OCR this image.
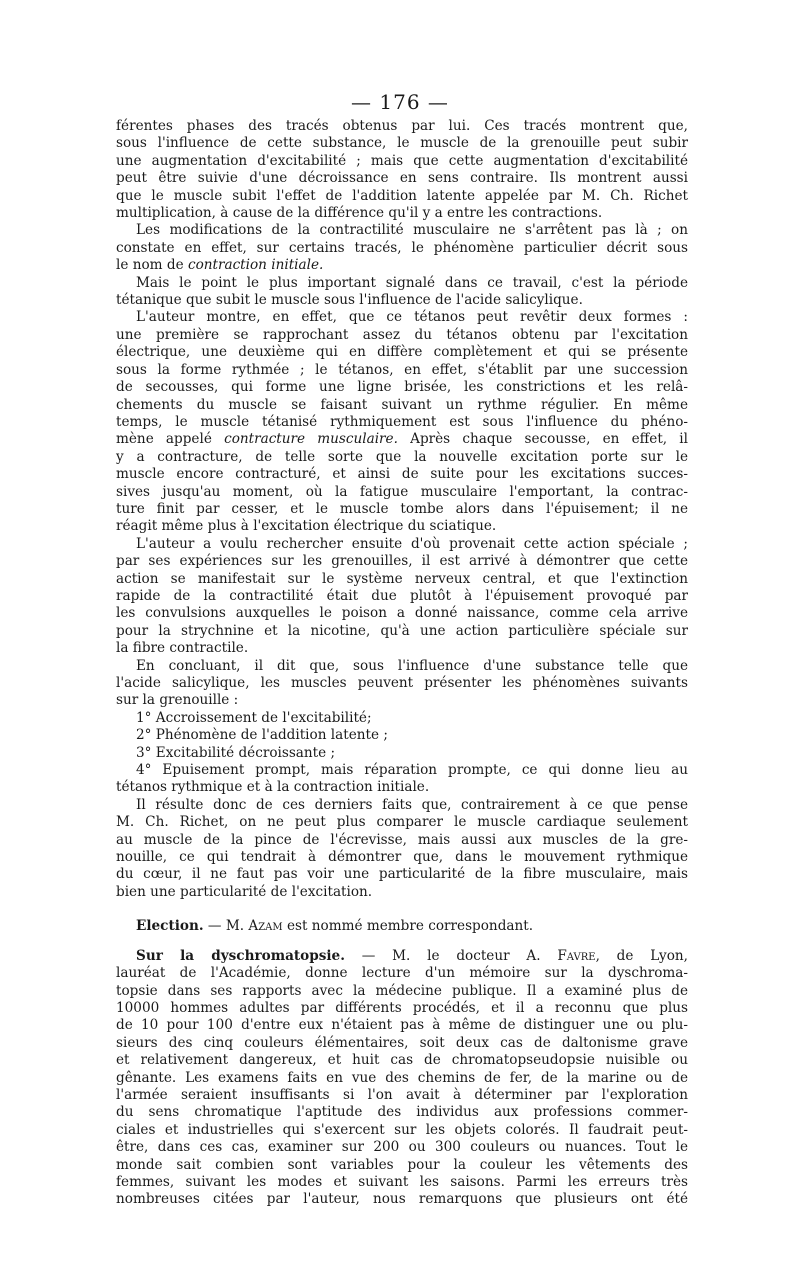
— 176 —
férentes phases des tracés obtenus par lui. Ces tracés montrent que,
sous l'influence de cette substance, le muscle de la grenouille peut subir
une augmentation d'excitabilité ; mais que cette augmentation d'excitabilité
peut être suivie d'une décroissance en sens contraire. Ils montrent aussi
que le muscle subit l'effet de l'addition latente appelée par M. Ch. Richet
multiplication, à cause de la différence qu'il y a entre les contractions.
Les modifications de la contractilité musculaire ne s'arrêtent pas là ; on
constate en effet, sur certains tracés, le phénomène particulier décrit sous
le nom de contraction initiale.
Mais le point le plus important signalé dans ce travail, c'est la période
tétanique que subit le muscle sous l'influence de l'acide salicylique.
L'auteur montre, en effet, que ce tétanos peut revêtir deux formes :
une première se rapprochant assez du tétanos obtenu par l'excitation
électrique, une deuxième qui en diffère complètement et qui se présente
sous la forme rythmée ; le tétanos, en effet, s'établit par une succession
de secousses, qui forme une ligne brisée, les constrictions et les relâ-
chements du muscle se faisant suivant un rythme régulier. En même
temps, le muscle tétanisé rythmiquement est sous l'influence du phéno-
mène appelé contracture musculaire. Après chaque secousse, en effet, il
y a contracture, de telle sorte que la nouvelle excitation porte sur le
muscle encore contracturé, et ainsi de suite pour les excitations succes-
sives jusqu'au moment, où la fatigue musculaire l'emportant, la contrac-
ture finit par cesser, et le muscle tombe alors dans l'épuisement; il ne
réagit même plus à l'excitation électrique du sciatique.
L'auteur a voulu rechercher ensuite d'où provenait cette action spéciale ;
par ses expériences sur les grenouilles, il est arrivé à démontrer que cette
action se manifestait sur le système nerveux central, et que l'extinction
rapide de la contractilité était due plutôt à l'épuisement provoqué par
les convulsions auxquelles le poison a donné naissance, comme cela arrive
pour la strychnine et la nicotine, qu'à une action particulière spéciale sur
la fibre contractile.
En concluant, il dit que, sous l'influence d'une substance telle que
l'acide salicylique, les muscles peuvent présenter les phénomènes suivants
sur la grenouille :
1° Accroissement de l'excitabilité;
2° Phénomène de l'addition latente ;
3° Excitabilité décroissante ;
4° Epuisement prompt, mais réparation prompte, ce qui donne lieu au
tétanos rythmique et à la contraction initiale.
Il résulte donc de ces derniers faits que, contrairement à ce que pense
M. Ch. Richet, on ne peut plus comparer le muscle cardiaque seulement
au muscle de la pince de l'écrevisse, mais aussi aux muscles de la gre-
nouille, ce qui tendrait à démontrer que, dans le mouvement rythmique
du cœur, il ne faut pas voir une particularité de la fibre musculaire, mais
bien une particularité de l'excitation.
Election. — M. Azam est nommé membre correspondant.
Sur la dyschromatopsie. — M. le docteur A. Favre, de Lyon,
lauréat de l'Académie, donne lecture d'un mémoire sur la dyschroma-
topsie dans ses rapports avec la médecine publique. Il a examiné plus de
10000 hommes adultes par différents procédés, et il a reconnu que plus
de 10 pour 100 d'entre eux n'étaient pas à même de distinguer une ou plu-
sieurs des cinq couleurs élémentaires, soit deux cas de daltonisme grave
et relativement dangereux, et huit cas de chromatopseudopsie nuisible ou
gênante. Les examens faits en vue des chemins de fer, de la marine ou de
l'armée seraient insuffisants si l'on avait à déterminer par l'exploration
du sens chromatique l'aptitude des individus aux professions commer-
ciales et industrielles qui s'exercent sur les objets colorés. Il faudrait peut-
être, dans ces cas, examiner sur 200 ou 300 couleurs ou nuances. Tout le
monde sait combien sont variables pour la couleur les vêtements des
femmes, suivant les modes et suivant les saisons. Parmi les erreurs très
nombreuses citées par l'auteur, nous remarquons que plusieurs ont été
